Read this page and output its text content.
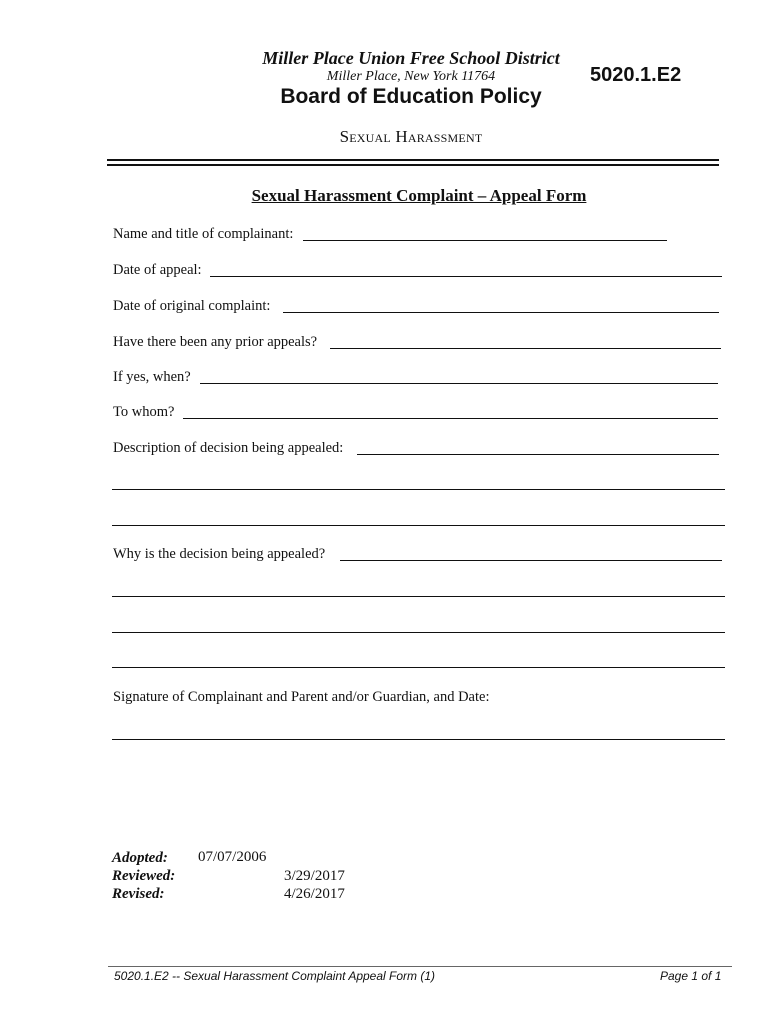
Miller Place Union Free School District
Miller Place, New York 11764
Board of Education Policy
5020.1.E2
Sexual Harassment
Sexual Harassment Complaint – Appeal Form
Name and title of complainant:
Date of appeal:
Date of original complaint:
Have there been any prior appeals?
If yes, when?
To whom?
Description of decision being appealed:
Why is the decision being appealed?
Signature of Complainant and Parent and/or Guardian, and Date:
Adopted: 07/07/2006
Reviewed:	3/29/2017
Revised:	4/26/2017
5020.1.E2 -- Sexual Harassment Complaint Appeal Form (1)	Page 1 of 1
